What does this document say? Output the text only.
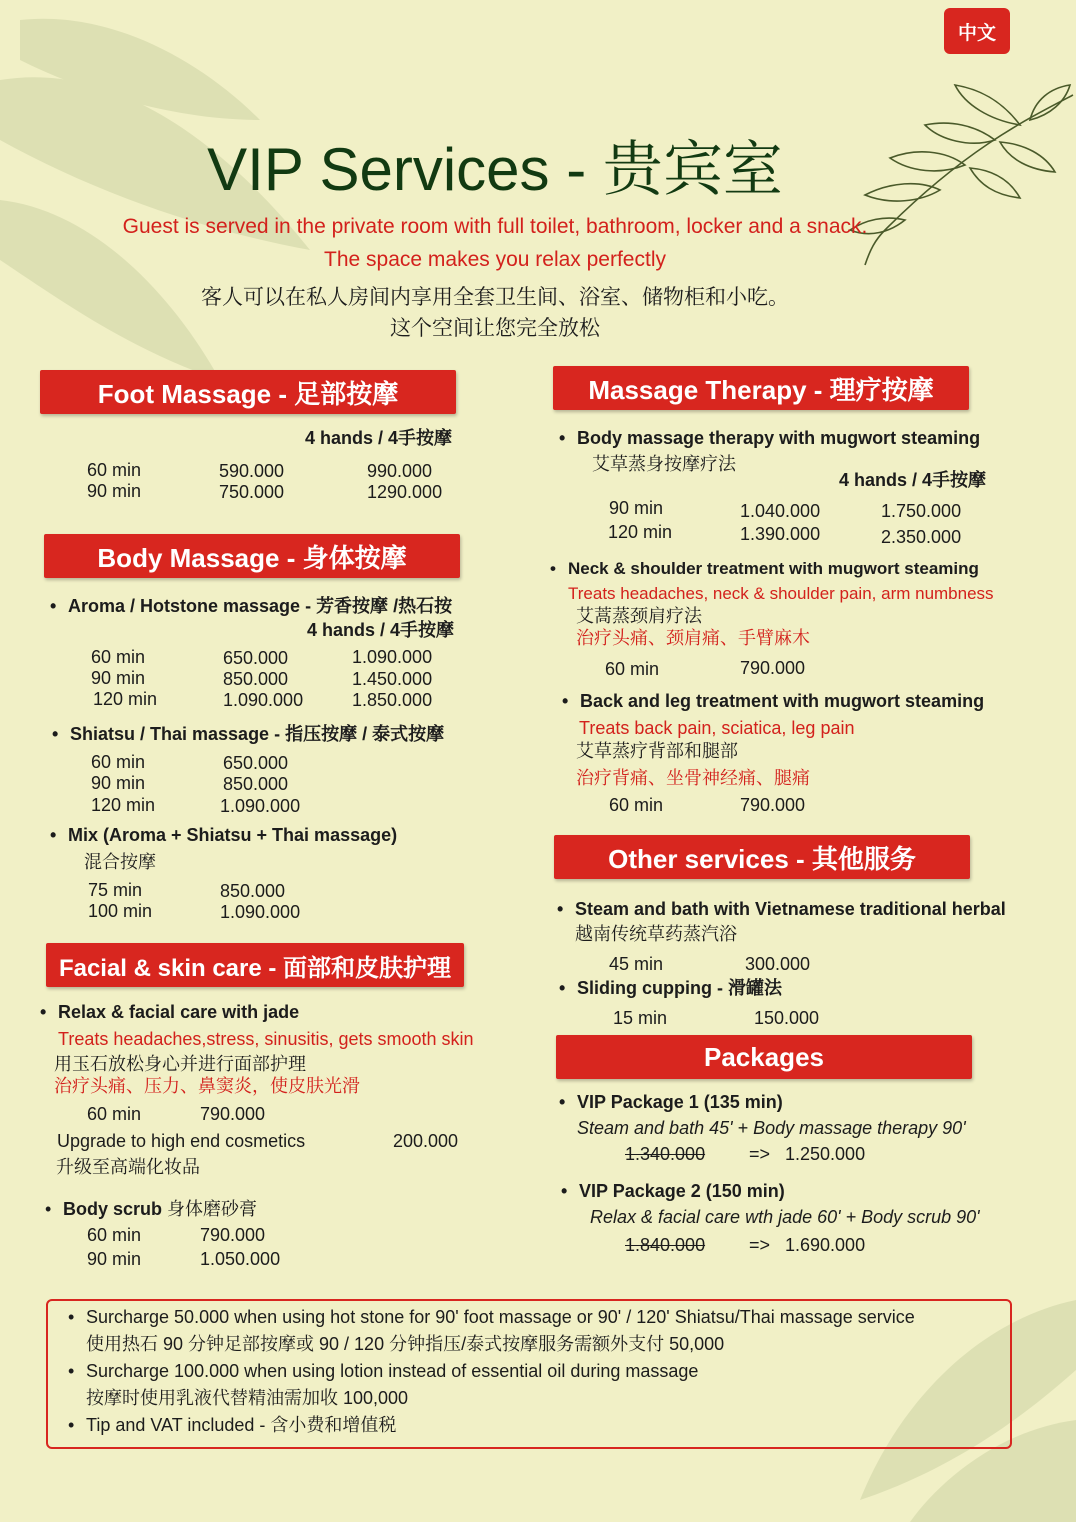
中文
VIP Services - 贵宾室
Guest is served in the private room with full toilet, bathroom, locker and a snack.
The space makes you relax perfectly
客人可以在私人房间内享用全套卫生间、浴室、储物柜和小吃。
这个空间让您完全放松
Foot Massage - 足部按摩
4 hands / 4手按摩
60 min	590.000	990.000
90 min	750.000	1290.000
Body Massage - 身体按摩
• Aroma / Hotstone massage - 芳香按摩 /热石按
4 hands / 4手按摩
60 min	650.000	1.090.000
90 min	850.000	1.450.000
120 min	1.090.000	1.850.000
• Shiatsu / Thai massage - 指压按摩 / 泰式按摩
60 min	650.000
90 min	850.000
120 min	1.090.000
• Mix (Aroma + Shiatsu + Thai massage)
混合按摩
75 min	850.000
100 min	1.090.000
Facial & skin care - 面部和皮肤护理
• Relax & facial care with jade
Treats headaches,stress, sinusitis, gets smooth skin
用玉石放松身心并进行面部护理
治疗头痛、压力、鼻窦炎，使皮肤光滑
60 min	790.000
Upgrade to high end cosmetics	200.000
升级至高端化妆品
• Body scrub 身体磨砂膏
60 min	790.000
90 min	1.050.000
Massage Therapy - 理疗按摩
• Body massage therapy with mugwort steaming
艾草蒸身按摩疗法
4 hands / 4手按摩
90 min	1.040.000	1.750.000
120 min	1.390.000	2.350.000
• Neck & shoulder treatment with mugwort steaming
Treats headaches, neck & shoulder pain, arm numbness
艾蒿蒸颈肩疗法
治疗头痛、颈肩痛、手臂麻木
60 min	790.000
• Back and leg treatment with mugwort steaming
Treats back pain, sciatica, leg pain
艾草蒸疗背部和腿部
治疗背痛、坐骨神经痛、腿痛
60 min	790.000
Other services - 其他服务
• Steam and bath with Vietnamese traditional herbal
越南传统草药蒸汽浴
45 min	300.000
• Sliding cupping - 滑罐法
15 min	150.000
Packages
• VIP Package 1 (135 min)
Steam and bath 45' + Body massage therapy 90'
1.340.000 => 1.250.000
• VIP Package 2 (150 min)
Relax & facial care wth jade 60' + Body scrub 90'
1.840.000 => 1.690.000
• Surcharge 50.000 when using hot stone for 90' foot massage or 90' / 120' Shiatsu/Thai massage service
使用热石 90 分钟足部按摩或 90 / 120 分钟指压/泰式按摩服务需额外支付 50,000
• Surcharge 100.000 when using lotion instead of essential oil during massage
按摩时使用乳液代替精油需加收 100,000
• Tip and VAT included - 含小费和增值税
